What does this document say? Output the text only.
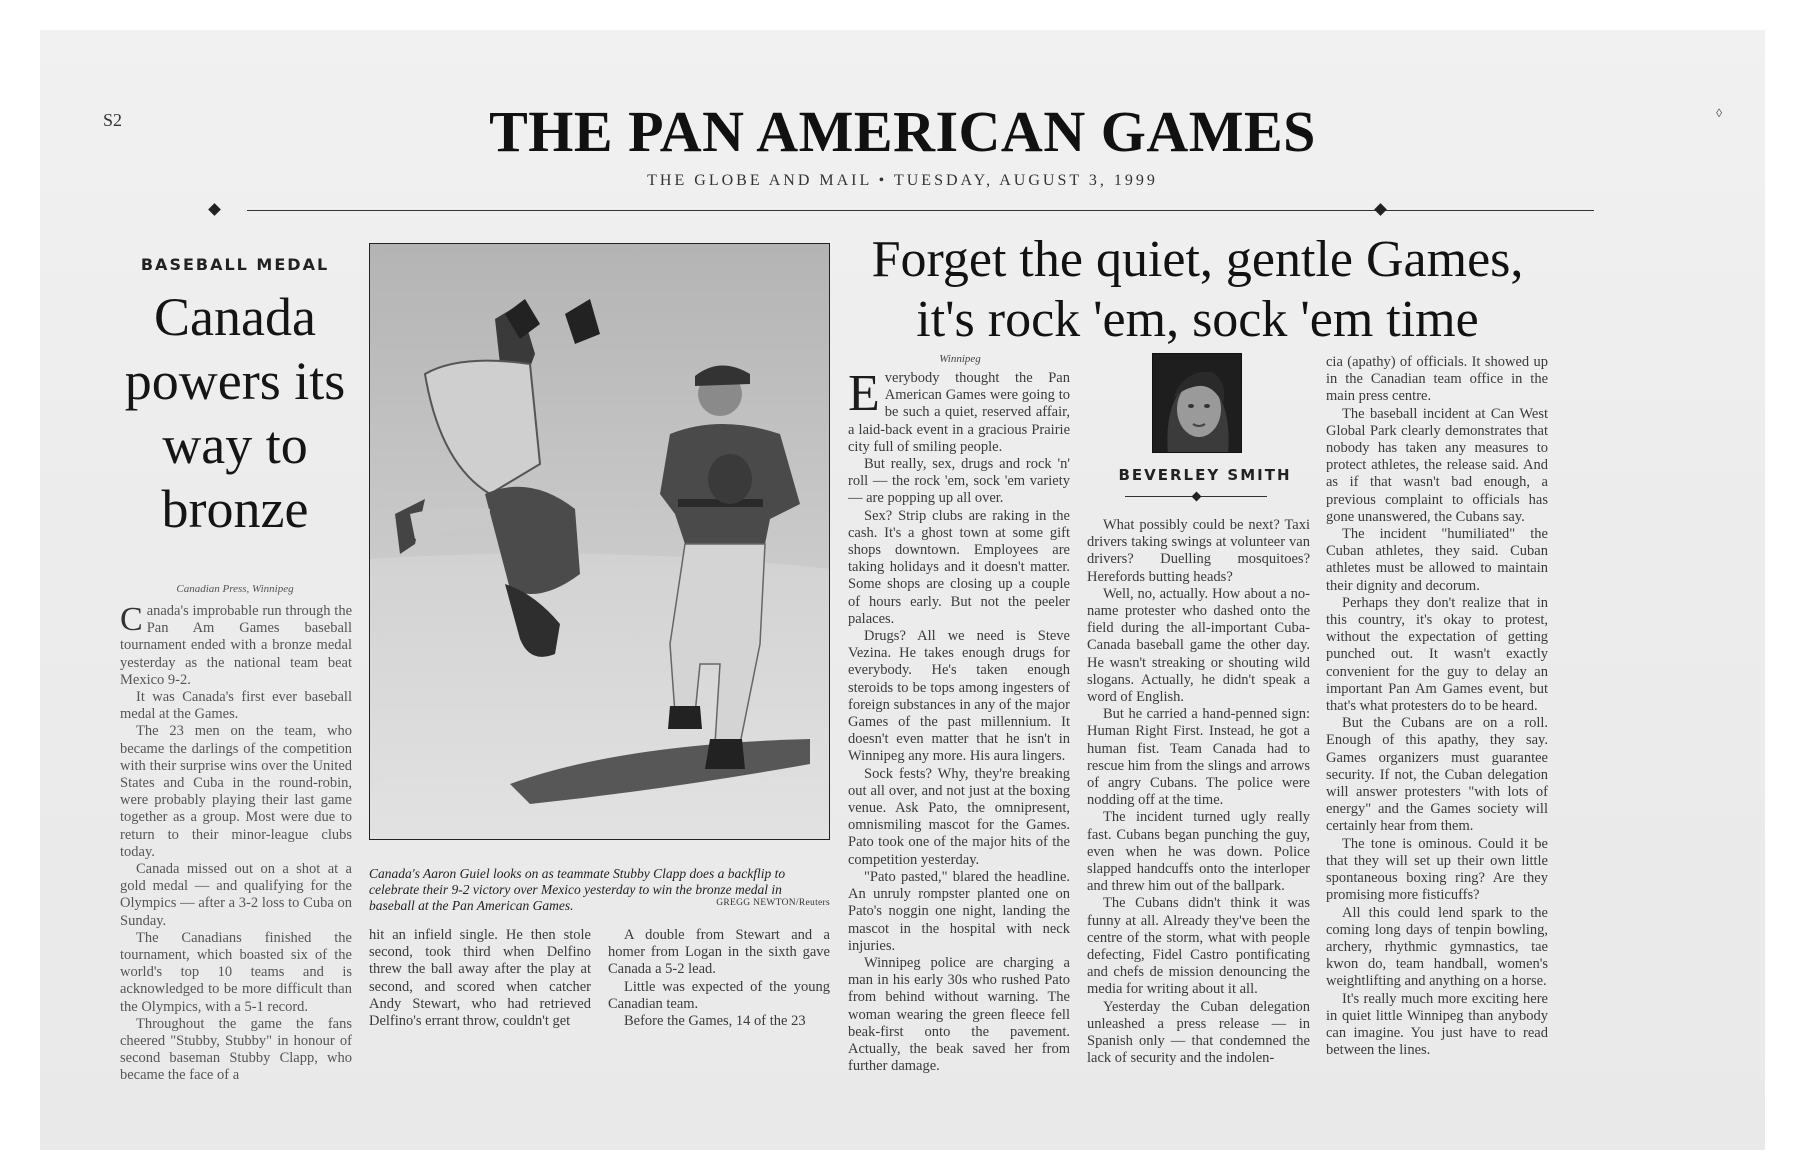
S2	◊
THE PAN AMERICAN GAMES
THE GLOBE AND MAIL • TUESDAY, AUGUST 3, 1999
BASEBALL MEDAL
Canada powers its way to bronze
Canadian Press, Winnipeg

Canada's improbable run through the Pan Am Games baseball tournament ended with a bronze medal yesterday as the national team beat Mexico 9-2.

It was Canada's first ever baseball medal at the Games.

The 23 men on the team, who became the darlings of the competition with their surprise wins over the United States and Cuba in the round-robin, were probably playing their last game together as a group. Most were due to return to their minor-league clubs today.

Canada missed out on a shot at a gold medal — and qualifying for the Olympics — after a 3-2 loss to Cuba on Sunday.

The Canadians finished the tournament, which boasted six of the world's top 10 teams and is acknowledged to be more difficult than the Olympics, with a 5-1 record.

Throughout the game the fans cheered "Stubby, Stubby" in honour of second baseman Stubby Clapp, who became the face of a

hit an infield single. He then stole second, took third when Delfino threw the ball away after the play at second, and scored when catcher Andy Stewart, who had retrieved Delfino's errant throw, couldn't get

A double from Stewart and a homer from Logan in the sixth gave Canada a 5-2 lead.

Little was expected of the young Canadian team.

Before the Games, 14 of the 23

Canada's Aaron Guiel looks on as teammate Stubby Clapp does a backflip to celebrate their 9-2 victory over Mexico yesterday to win the bronze medal in baseball at the Pan American Games.	GREGG NEWTON/Reuters
Forget the quiet, gentle Games,
it's rock 'em, sock 'em time
Winnipeg
BEVERLEY SMITH

Everybody thought the Pan American Games were going to be such a quiet, reserved affair, a laid-back event in a gracious Prairie city full of smiling people.

But really, sex, drugs and rock 'n' roll — the rock 'em, sock 'em variety — are popping up all over.

Sex? Strip clubs are raking in the cash. It's a ghost town at some gift shops downtown. Employees are taking holidays and it doesn't matter. Some shops are closing up a couple of hours early. But not the peeler palaces.

Drugs? All we need is Steve Vezina. He takes enough drugs for everybody. He's taken enough steroids to be tops among ingesters of foreign substances in any of the major Games of the past millennium. It doesn't even matter that he isn't in Winnipeg any more. His aura lingers.

Sock fests? Why, they're breaking out all over, and not just at the boxing venue. Ask Pato, the omnipresent, omnismiling mascot for the Games. Pato took one of the major hits of the competition yesterday.

"Pato pasted," blared the headline. An unruly rompster planted one on Pato's noggin one night, landing the mascot in the hospital with neck injuries.

Winnipeg police are charging a man in his early 30s who rushed Pato from behind without warning. The woman wearing the green fleece fell beak-first onto the pavement. Actually, the beak saved her from further damage.

What possibly could be next? Taxi drivers taking swings at volunteer van drivers? Duelling mosquitoes? Herefords butting heads?

Well, no, actually. How about a no-name protester who dashed onto the field during the all-important Cuba-Canada baseball game the other day. He wasn't streaking or shouting wild slogans. Actually, he didn't speak a word of English.

But he carried a hand-penned sign: Human Right First. Instead, he got a human fist. Team Canada had to rescue him from the slings and arrows of angry Cubans. The police were nodding off at the time.

The incident turned ugly really fast. Cubans began punching the guy, even when he was down. Police slapped handcuffs onto the interloper and threw him out of the ballpark.

The Cubans didn't think it was funny at all. Already they've been the centre of the storm, what with people defecting, Fidel Castro pontificating and chefs de mission denouncing the media for writing about it all.

Yesterday the Cuban delegation unleashed a press release — in Spanish only — that condemned the lack of security and the indolen-

cia (apathy) of officials. It showed up in the Canadian team office in the main press centre.

The baseball incident at Can West Global Park clearly demonstrates that nobody has taken any measures to protect athletes, the release said. And as if that wasn't bad enough, a previous complaint to officials has gone unanswered, the Cubans say.

The incident "humiliated" the Cuban athletes, they said. Cuban athletes must be allowed to maintain their dignity and decorum.

Perhaps they don't realize that in this country, it's okay to protest, without the expectation of getting punched out. It wasn't exactly convenient for the guy to delay an important Pan Am Games event, but that's what protesters do to be heard.

But the Cubans are on a roll. Enough of this apathy, they say. Games organizers must guarantee security. If not, the Cuban delegation will answer protesters "with lots of energy" and the Games society will certainly hear from them.

The tone is ominous. Could it be that they will set up their own little spontaneous boxing ring? Are they promising more fisticuffs?

All this could lend spark to the coming long days of tenpin bowling, archery, rhythmic gymnastics, tae kwon do, team handball, women's weightlifting and anything on a horse.

It's really much more exciting here in quiet little Winnipeg than anybody can imagine. You just have to read between the lines.
